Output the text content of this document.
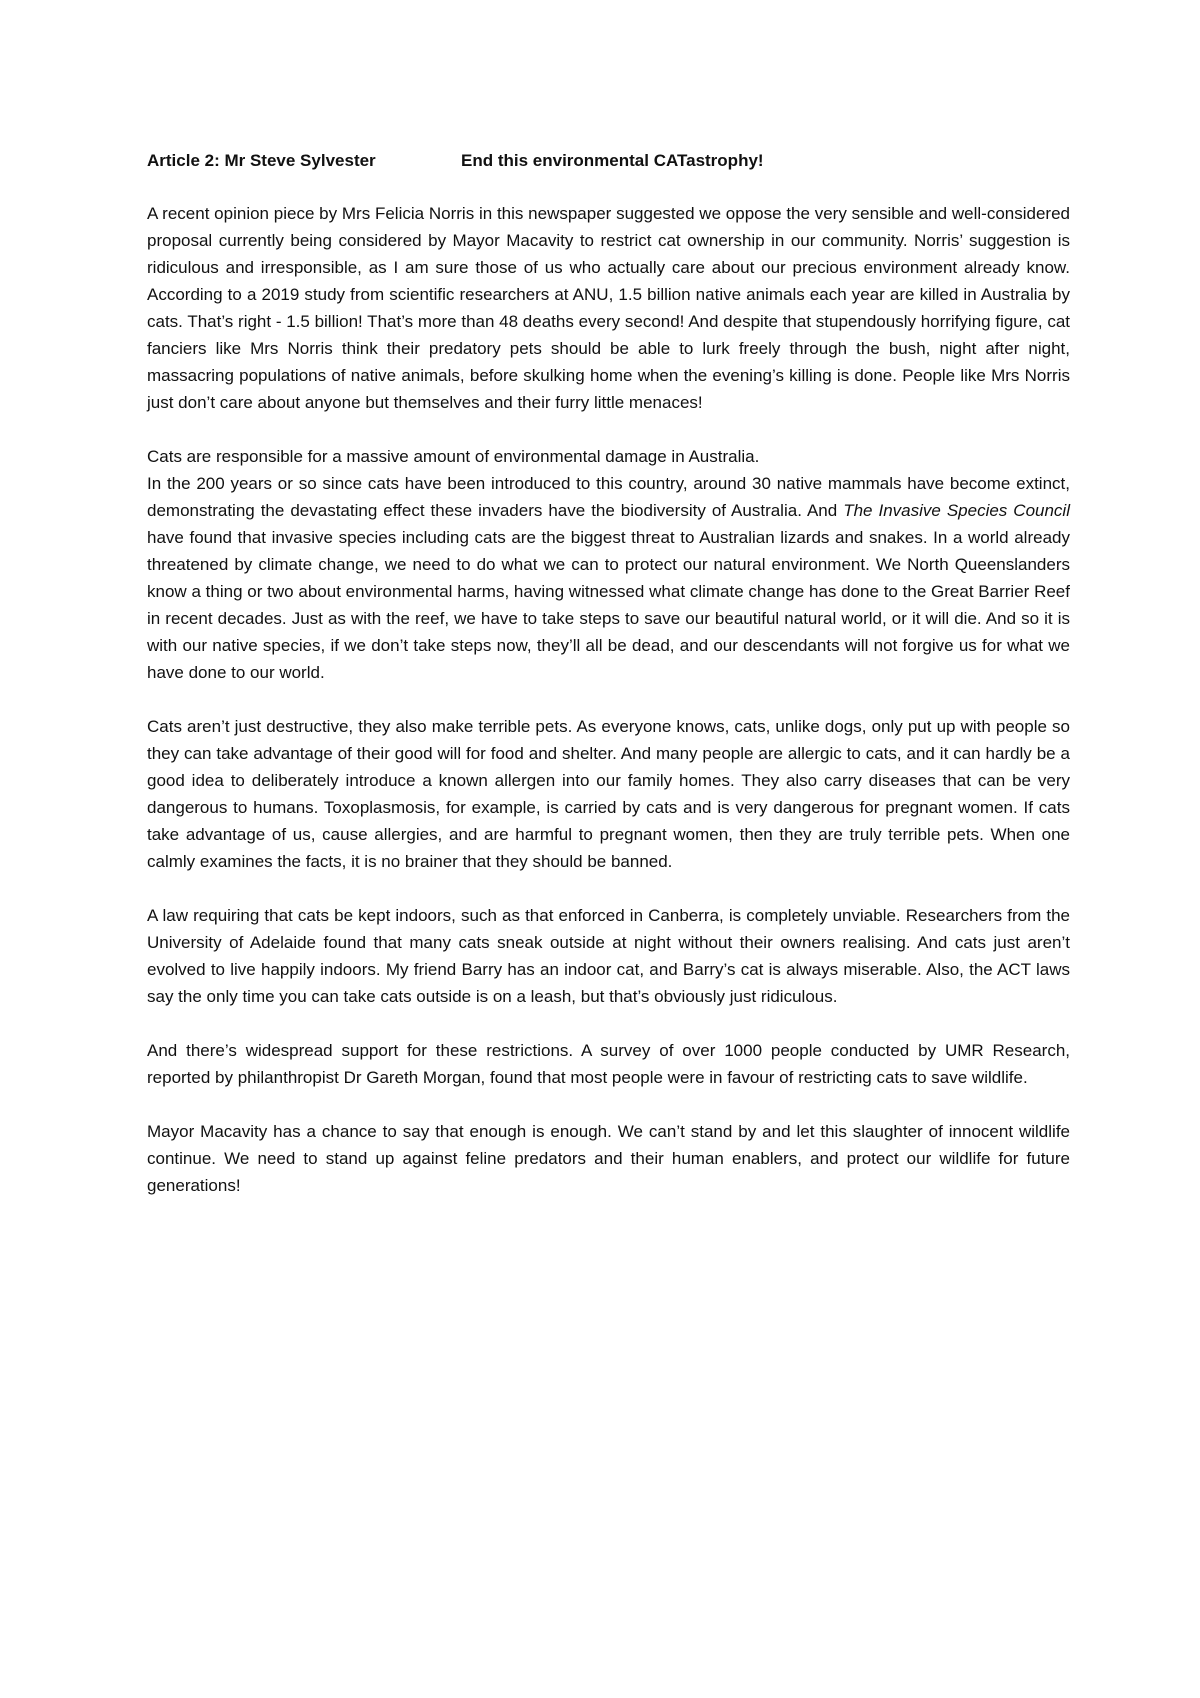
Article 2: Mr Steve Sylvester	End this environmental CATastrophy!

A recent opinion piece by Mrs Felicia Norris in this newspaper suggested we oppose the very sensible and well-considered proposal currently being considered by Mayor Macavity to restrict cat ownership in our community. Norris’ suggestion is ridiculous and irresponsible, as I am sure those of us who actually care about our precious environment already know. According to a 2019 study from scientific researchers at ANU, 1.5 billion native animals each year are killed in Australia by cats. That’s right - 1.5 billion! That’s more than 48 deaths every second! And despite that stupendously horrifying figure, cat fanciers like Mrs Norris think their predatory pets should be able to lurk freely through the bush, night after night, massacring populations of native animals, before skulking home when the evening’s killing is done. People like Mrs Norris just don’t care about anyone but themselves and their furry little menaces!

Cats are responsible for a massive amount of environmental damage in Australia.

In the 200 years or so since cats have been introduced to this country, around 30 native mammals have become extinct, demonstrating the devastating effect these invaders have the biodiversity of Australia. And The Invasive Species Council have found that invasive species including cats are the biggest threat to Australian lizards and snakes. In a world already threatened by climate change, we need to do what we can to protect our natural environment. We North Queenslanders know a thing or two about environmental harms, having witnessed what climate change has done to the Great Barrier Reef in recent decades. Just as with the reef, we have to take steps to save our beautiful natural world, or it will die. And so it is with our native species, if we don’t take steps now, they’ll all be dead, and our descendants will not forgive us for what we have done to our world.

Cats aren’t just destructive, they also make terrible pets. As everyone knows, cats, unlike dogs, only put up with people so they can take advantage of their good will for food and shelter. And many people are allergic to cats, and it can hardly be a good idea to deliberately introduce a known allergen into our family homes. They also carry diseases that can be very dangerous to humans. Toxoplasmosis, for example, is carried by cats and is very dangerous for pregnant women. If cats take advantage of us, cause allergies, and are harmful to pregnant women, then they are truly terrible pets. When one calmly examines the facts, it is no brainer that they should be banned.

A law requiring that cats be kept indoors, such as that enforced in Canberra, is completely unviable. Researchers from the University of Adelaide found that many cats sneak outside at night without their owners realising. And cats just aren’t evolved to live happily indoors. My friend Barry has an indoor cat, and Barry’s cat is always miserable. Also, the ACT laws say the only time you can take cats outside is on a leash, but that’s obviously just ridiculous.

And there’s widespread support for these restrictions. A survey of over 1000 people conducted by UMR Research, reported by philanthropist Dr Gareth Morgan, found that most people were in favour of restricting cats to save wildlife.

Mayor Macavity has a chance to say that enough is enough. We can’t stand by and let this slaughter of innocent wildlife continue. We need to stand up against feline predators and their human enablers, and protect our wildlife for future generations!
